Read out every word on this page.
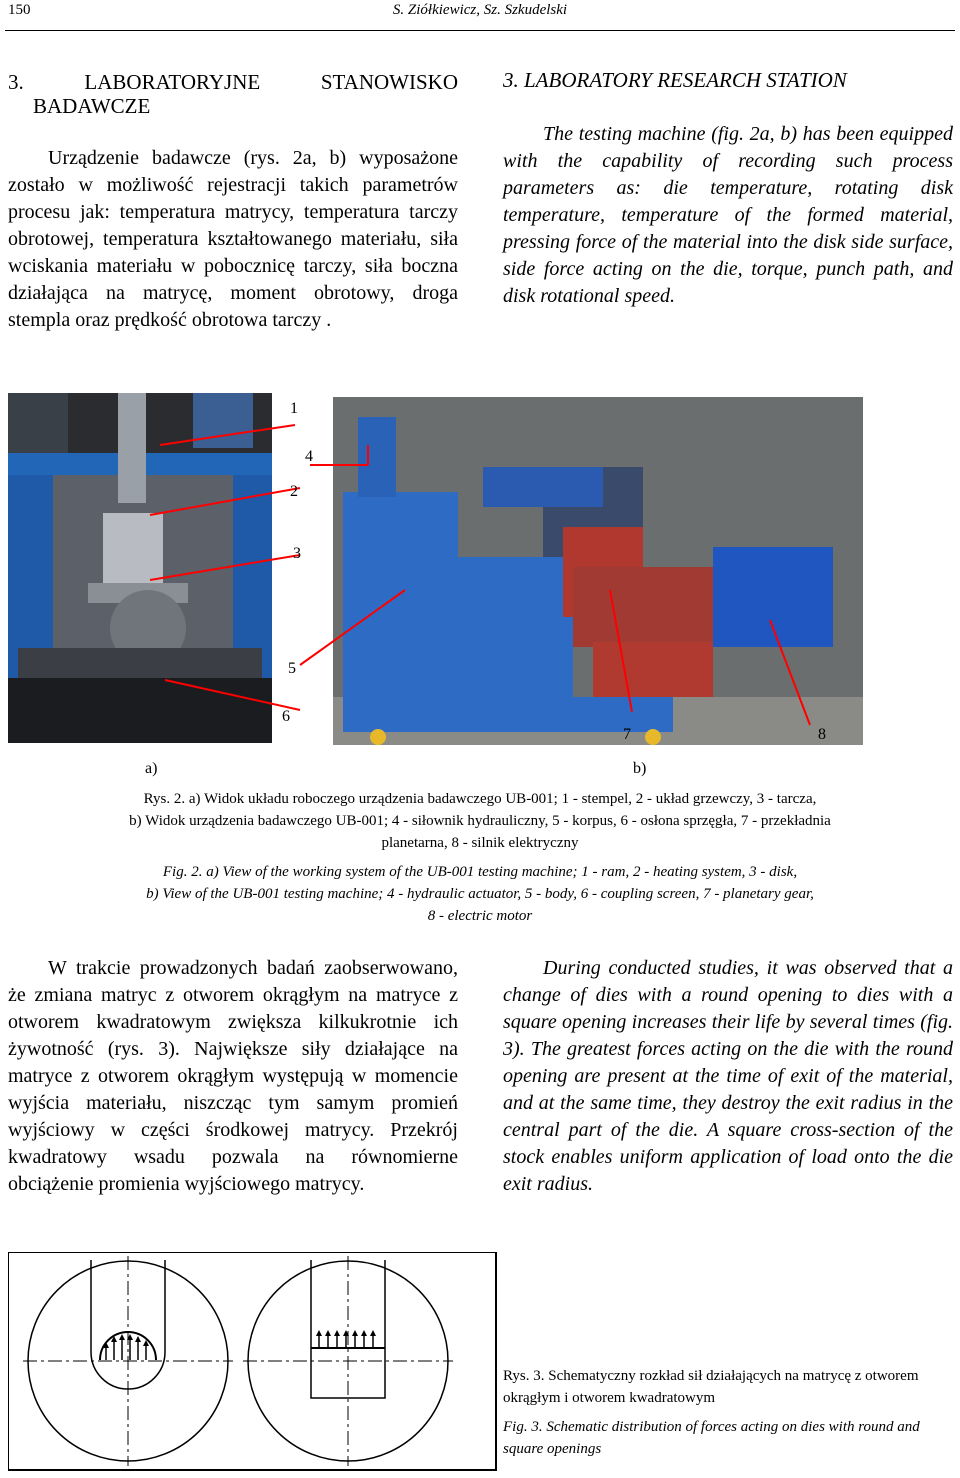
150	S. Ziółkiewicz, Sz. Szkudelski
3. LABORATORYJNE STANOWISKO
BADAWCZE
3. LABORATORY RESEARCH STATION

Urządzenie badawcze (rys. 2a, b) wyposażone zostało w możliwość rejestracji takich parametrów procesu jak: temperatura matrycy, temperatura tarczy obrotowej, temperatura kształtowanego materiału, siła wciskania materiału w pobocznicę tarczy, siła boczna działająca na matrycę, moment obrotowy, droga stempla oraz prędkość obrotowa tarczy .

The testing machine (fig. 2a, b) has been equipped with the capability of recording such process parameters as: die temperature, rotating disk temperature, temperature of the formed material, pressing force of the material into the disk side surface, side force acting on the die, torque, punch path, and disk rotational speed.

1
2
3
4
5
6
7	8
a)	b)
Rys. 2. a) Widok układu roboczego urządzenia badawczego UB-001; 1 - stempel, 2 - układ grzewczy, 3 - tarcza,
b) Widok urządzenia badawczego UB-001; 4 - siłownik hydrauliczny, 5 - korpus, 6 - osłona sprzęgła, 7 - przekładnia
planetarna, 8 - silnik elektryczny
Fig. 2. a) View of the working system of the UB-001 testing machine; 1 - ram, 2 - heating system, 3 - disk,
b) View of the UB-001 testing machine; 4 - hydraulic actuator, 5 - body, 6 - coupling screen, 7 - planetary gear,
8 - electric motor

W trakcie prowadzonych badań zaobserwowano, że zmiana matryc z otworem okrągłym na matryce z otworem kwadratowym zwiększa kilkukrotnie ich żywotność (rys. 3). Największe siły działające na matryce z otworem okrągłym występują w momencie wyjścia materiału, niszcząc tym samym promień wyjściowy w części środkowej matrycy. Przekrój kwadratowy wsadu pozwala na równomierne obciążenie promienia wyjściowego matrycy.

During conducted studies, it was observed that a change of dies with a round opening to dies with a square opening increases their life by several times (fig. 3). The greatest forces acting on the die with the round opening are present at the time of exit of the material, and at the same time, they destroy the exit radius in the central part of the die. A square cross-section of the stock enables uniform application of load onto the die exit radius.

Rys. 3. Schematyczny rozkład sił działających na matrycę z otworem okrągłym i otworem kwadratowym
Fig. 3. Schematic distribution of forces acting on dies with round and square openings
